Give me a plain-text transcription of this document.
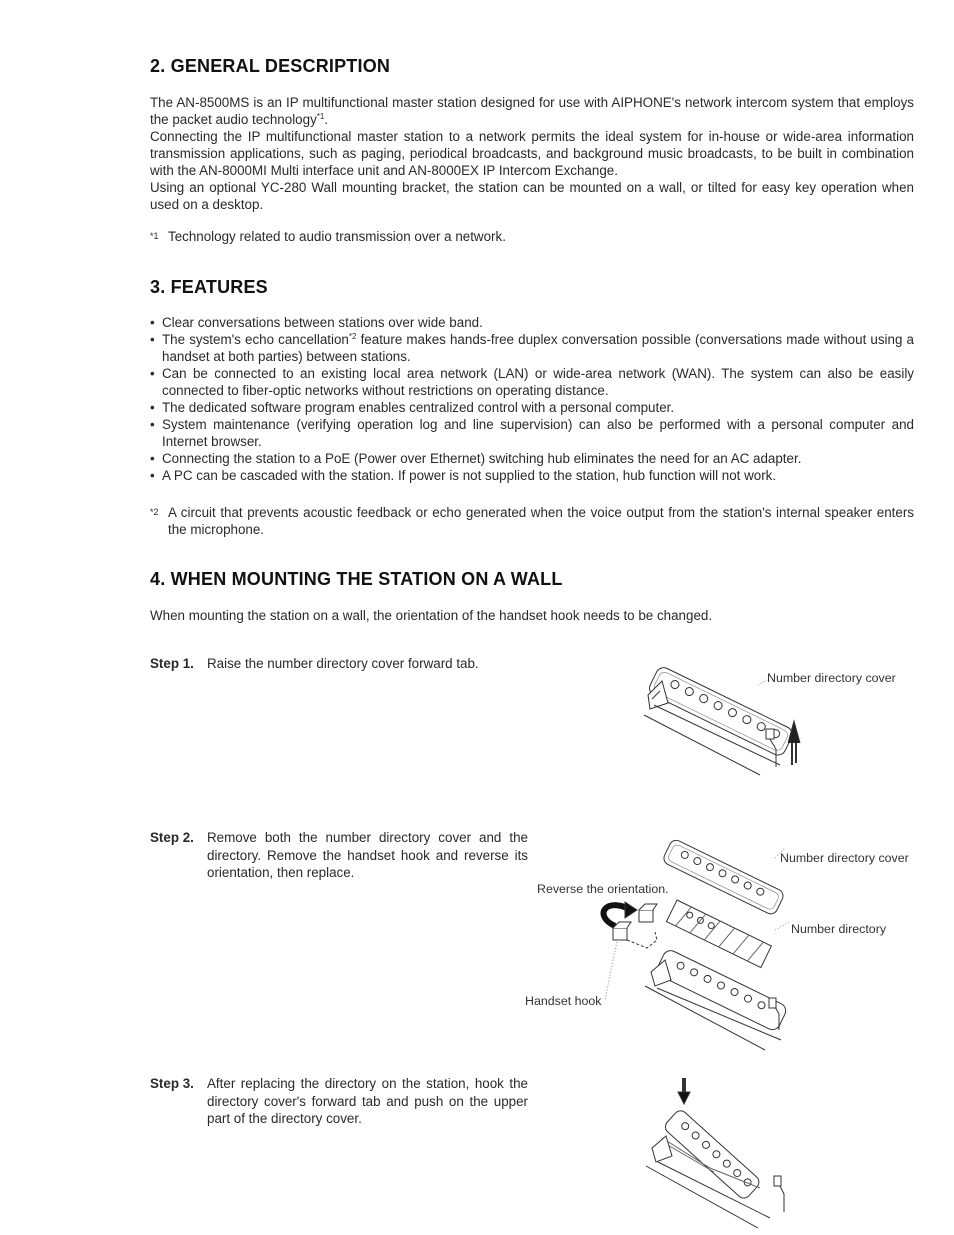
2. GENERAL DESCRIPTION

The AN-8500MS is an IP multifunctional master station designed for use with AIPHONE's network intercom system that employs the packet audio technology$^{*1}$.

Connecting the IP multifunctional master station to a network permits the ideal system for in-house or wide-area information transmission applications, such as paging, periodical broadcasts, and background music broadcasts, to be built in combination with the AN-8000MI Multi interface unit and AN-8000EX IP Intercom Exchange.

Using an optional YC-280 Wall mounting bracket, the station can be mounted on a wall, or tilted for easy key operation when used on a desktop.

*1 Technology related to audio transmission over a network.
3. FEATURES
• Clear conversations between stations over wide band.
• The system's echo cancellation$^{*2}$ feature makes hands-free duplex conversation possible (conversations made without using a handset at both parties) between stations.
• Can be connected to an existing local area network (LAN) or wide-area network (WAN). The system can also be easily connected to fiber-optic networks without restrictions on operating distance.
• The dedicated software program enables centralized control with a personal computer.
• System maintenance (verifying operation log and line supervision) can also be performed with a personal computer and Internet browser.
• Connecting the station to a PoE (Power over Ethernet) switching hub eliminates the need for an AC adapter.
• A PC can be cascaded with the station. If power is not supplied to the station, hub function will not work.
*2 A circuit that prevents acoustic feedback or echo generated when the voice output from the station's internal speaker enters the microphone.
4. WHEN MOUNTING THE STATION ON A WALL

When mounting the station on a wall, the orientation of the handset hook needs to be changed.

Step 1. Raise the number directory cover forward tab.
Step 2. Remove both the number directory cover and the directory. Remove the handset hook and reverse its orientation, then replace.
Step 3. After replacing the directory on the station, hook the directory cover's forward tab and push on the upper part of the directory cover.
Number directory cover
Number directory cover
Reverse the orientation.
Number directory
Handset hook
